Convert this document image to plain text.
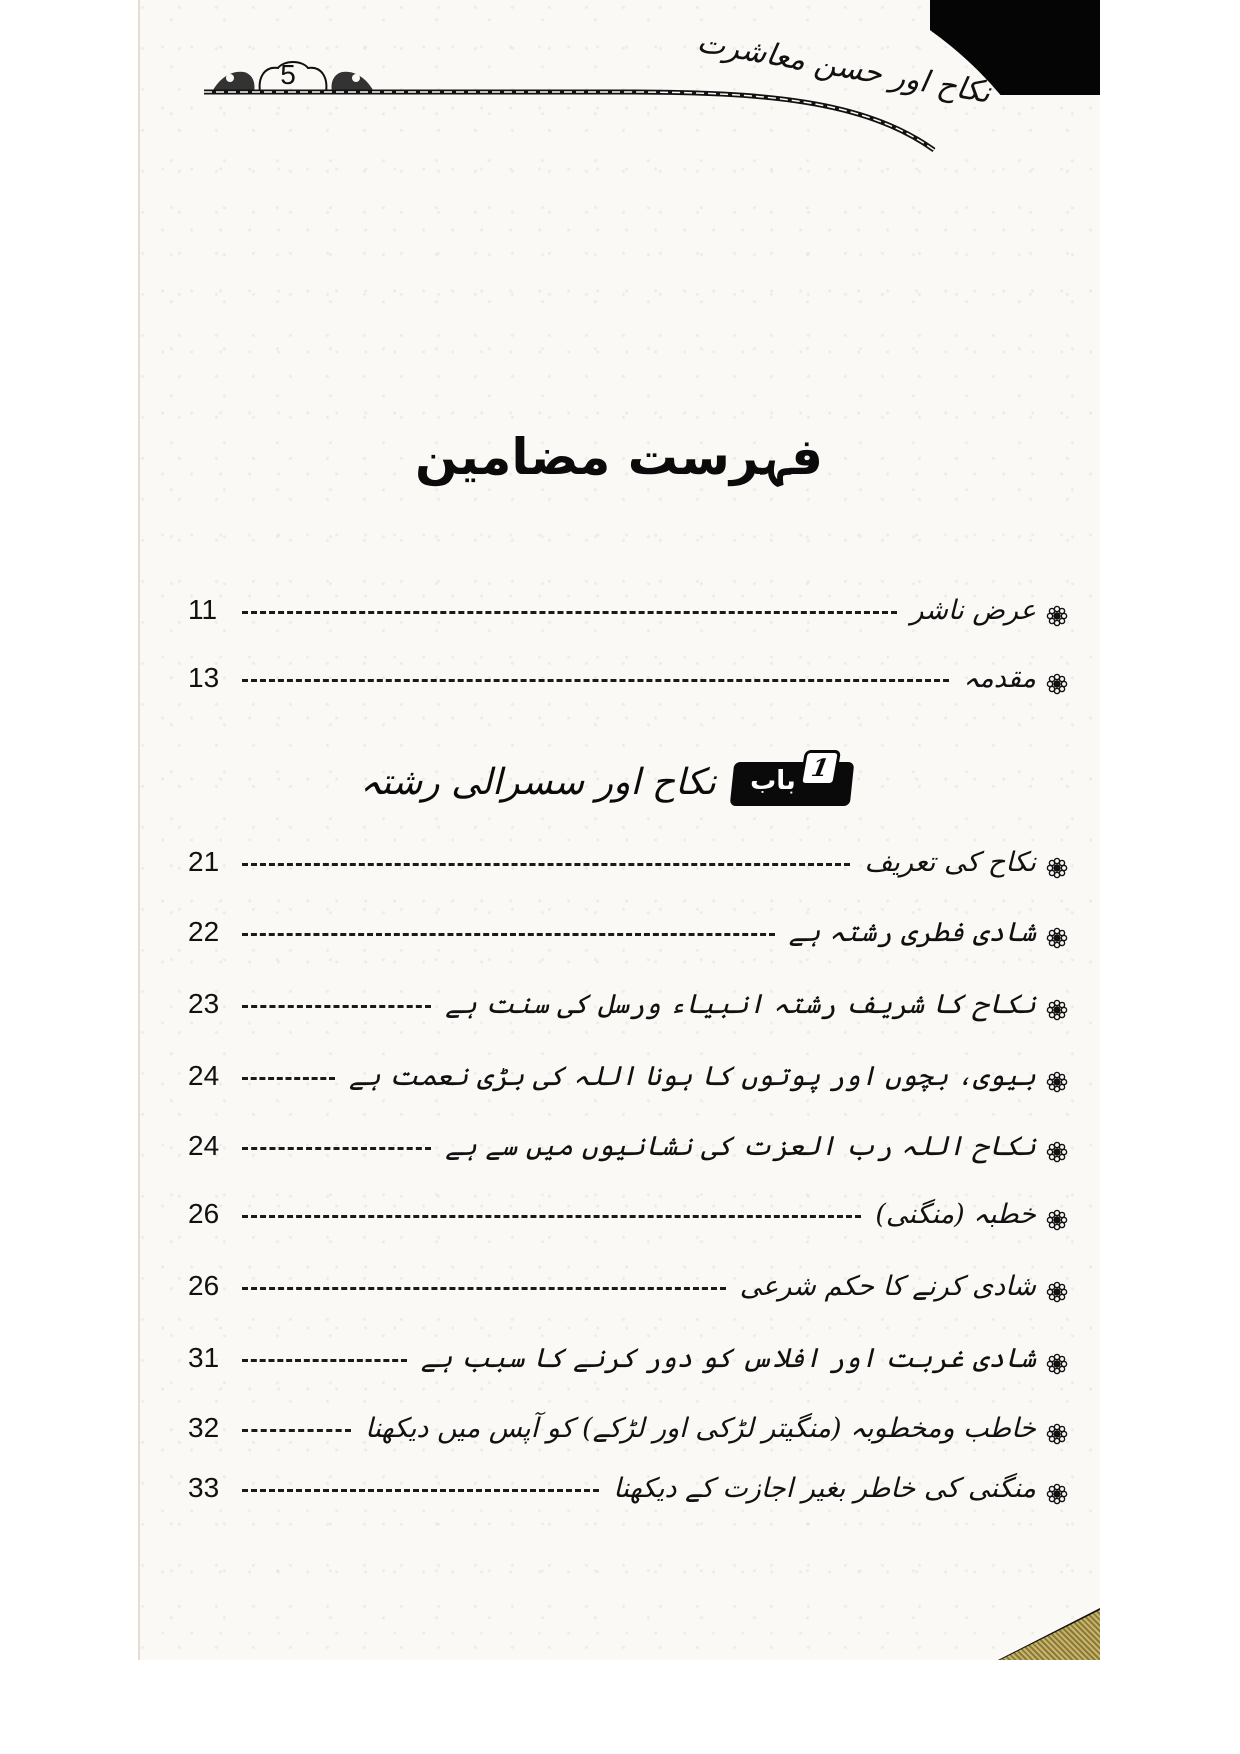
5	نکاح اور حسن معاشرت
فہرست مضامین
عرض ناشر
11
مقدمہ
13
باب 1
نکاح اور سسرالی رشتہ
نکاح کی تعریف
21
شادی فطری رشتہ ہے
22
نکاح کا شریف رشتہ انبیاء ورسل کی سنت ہے
23
بیوی، بچوں اور پوتوں کا ہونا اللہ کی بڑی نعمت ہے
24
نکاح اللہ رب العزت کی نشانیوں میں سے ہے
24
خطبہ (منگنی)
26
شادی کرنے کا حکم شرعی
26
شادی غربت اور افلاس کو دور کرنے کا سبب ہے
31
خاطب ومخطوبہ (منگیتر لڑکی اور لڑکے) کو آپس میں دیکھنا
32
منگنی کی خاطر بغیر اجازت کے دیکھنا
33
